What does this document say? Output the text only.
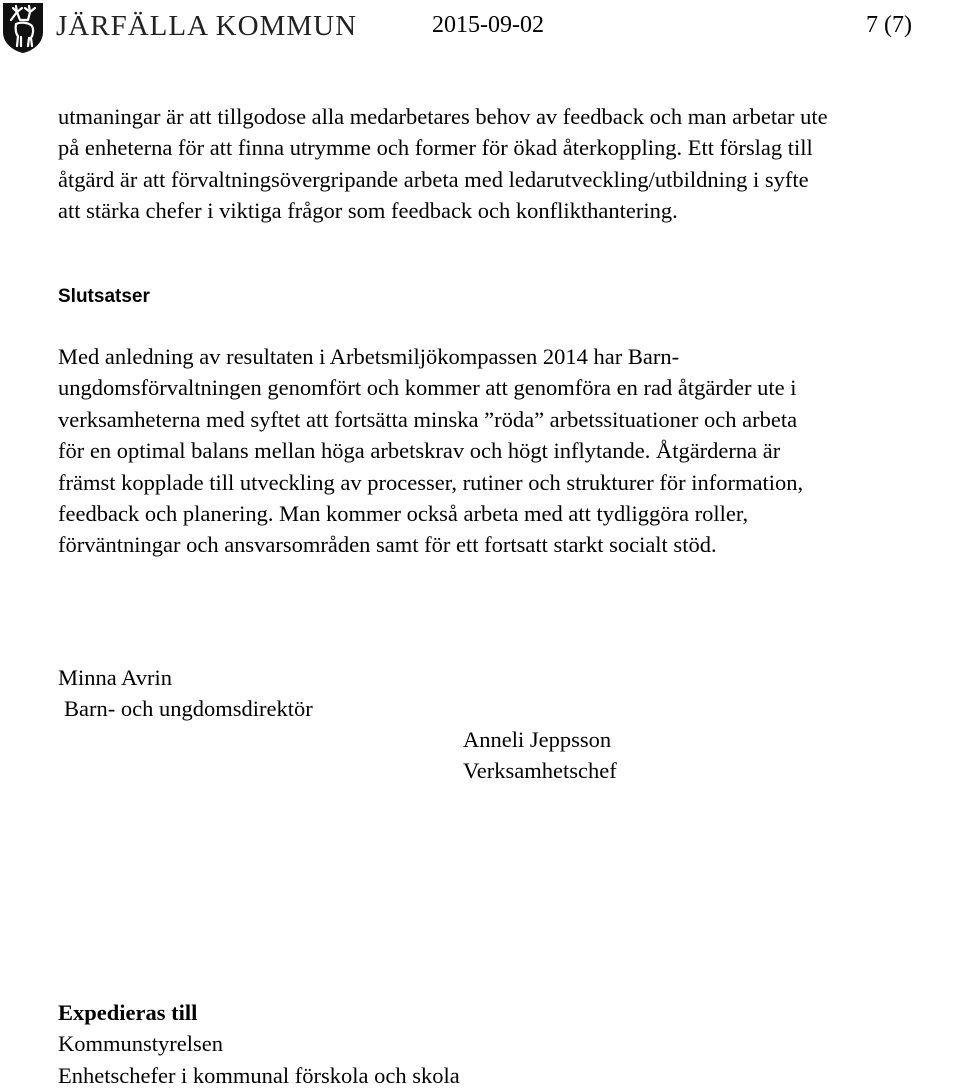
JÄRFÄLLA KOMMUN	2015-09-02	7 (7)

utmaningar är att tillgodose alla medarbetares behov av feedback och man arbetar ute
på enheterna för att finna utrymme och former för ökad återkoppling. Ett förslag till
åtgärd är att förvaltningsövergripande arbeta med ledarutveckling/utbildning i syfte
att stärka chefer i viktiga frågor som feedback och konflikthantering.

Slutsatser

Med anledning av resultaten i Arbetsmiljökompassen 2014 har Barn-
ungdomsförvaltningen genomfört och kommer att genomföra en rad åtgärder ute i
verksamheterna med syftet att fortsätta minska ”röda” arbetssituationer och arbeta
för en optimal balans mellan höga arbetskrav och högt inflytande. Åtgärderna är
främst kopplade till utveckling av processer, rutiner och strukturer för information,
feedback och planering. Man kommer också arbeta med att tydliggöra roller,
förväntningar och ansvarsområden samt för ett fortsatt starkt socialt stöd.

Minna Avrin
Barn- och ungdomsdirektör
Anneli Jeppsson
Verksamhetschef
Expedieras till
Kommunstyrelsen
Enhetschefer i kommunal förskola och skola
